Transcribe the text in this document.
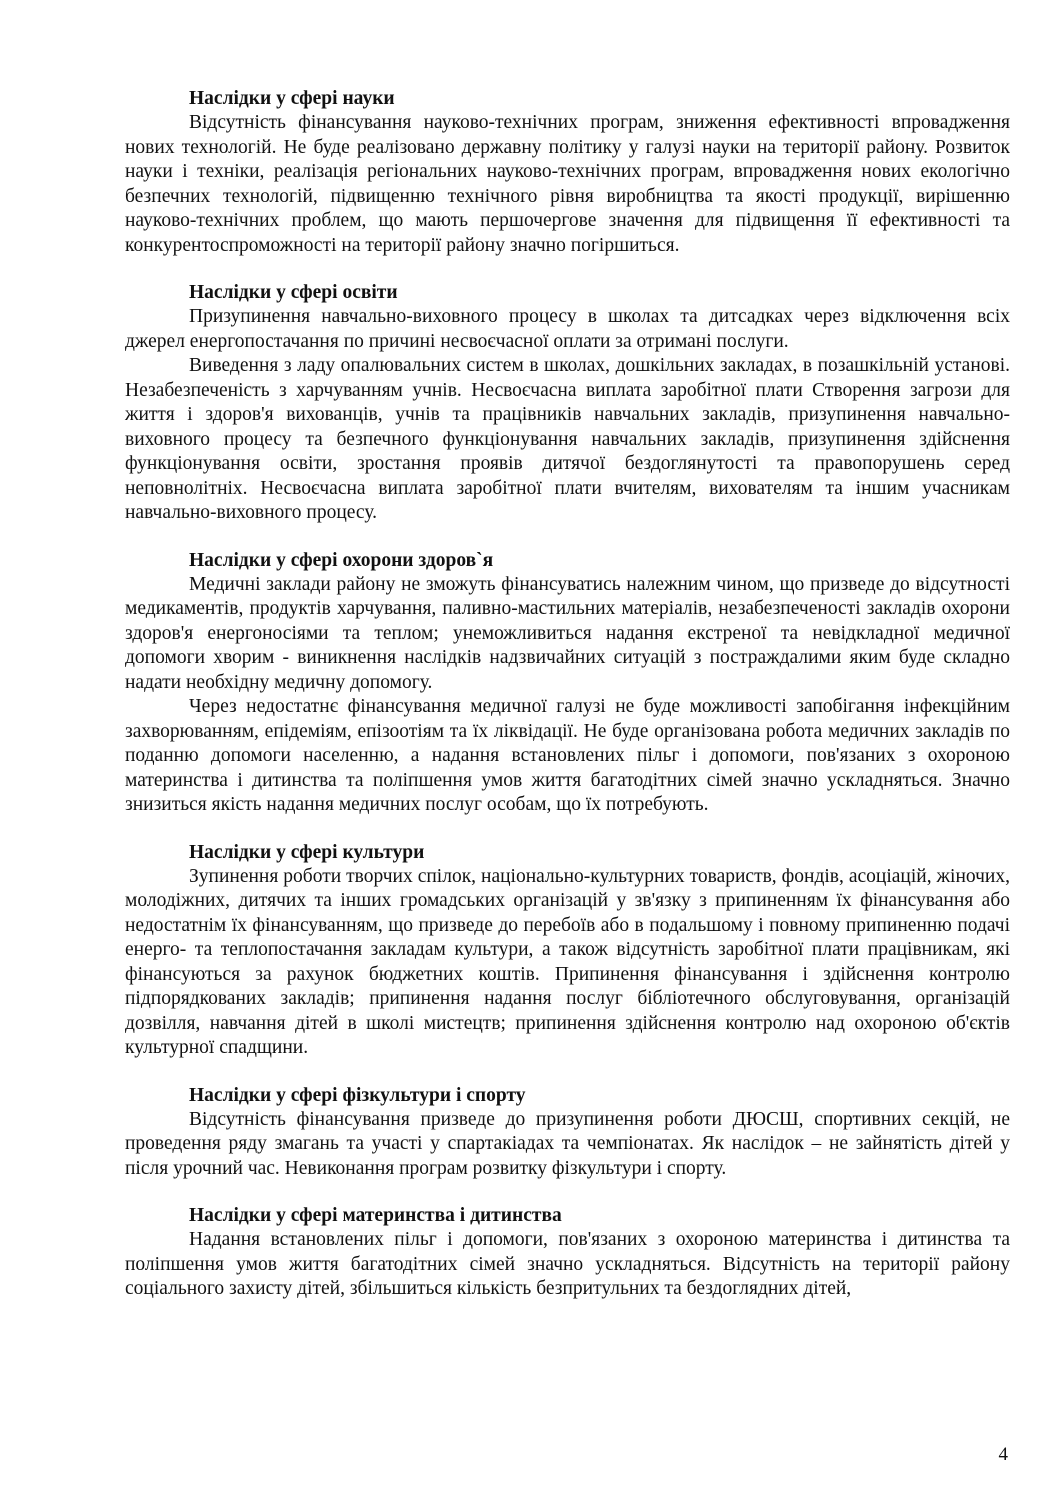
Наслідки у сфері науки

Відсутність фінансування науково-технічних програм, зниження ефективності впровадження нових технологій. Не буде реалізовано державну політику у галузі науки на території району. Розвиток науки і техніки, реалізація регіональних науково-технічних програм, впровадження нових екологічно безпечних технологій, підвищенню технічного рівня виробництва та якості продукції, вирішенню науково-технічних проблем, що мають першочергове значення для підвищення її ефективності та конкурентоспроможності на території району значно погіршиться.

Наслідки у сфері освіти

Призупинення навчально-виховного процесу в школах та дитсадках через відключення всіх джерел енергопостачання по причині несвоєчасної оплати за отримані послуги.

Виведення з ладу опалювальних систем в школах, дошкільних закладах, в позашкільній установі. Незабезпеченість з харчуванням учнів. Несвоєчасна виплата заробітної плати Створення загрози для життя і здоров'я вихованців, учнів та працівників навчальних закладів, призупинення навчально-виховного процесу та безпечного функціонування навчальних закладів, призупинення здійснення функціонування освіти, зростання проявів дитячої бездоглянутості та правопорушень серед неповнолітніх. Несвоєчасна виплата заробітної плати вчителям, вихователям та іншим учасникам навчально-виховного процесу.

Наслідки у сфері охорони здоров`я

Медичні заклади району не зможуть фінансуватись належним чином, що призведе до відсутності медикаментів, продуктів харчування, паливно-мастильних матеріалів, незабезпеченості закладів охорони здоров'я енергоносіями та теплом; унеможливиться надання екстреної та невідкладної медичної допомоги хворим - виникнення наслідків надзвичайних ситуацій з постраждалими яким буде складно надати необхідну медичну допомогу.

Через недостатнє фінансування медичної галузі не буде можливості запобігання інфекційним захворюванням, епідеміям, епізоотіям та їх ліквідації. Не буде організована робота медичних закладів по поданню допомоги населенню, а надання встановлених пільг і допомоги, пов'язаних з охороною материнства і дитинства та поліпшення умов життя багатодітних сімей значно ускладняться. Значно знизиться якість надання медичних послуг особам, що їх потребують.

Наслідки у сфері культури

Зупинення роботи творчих спілок, національно-культурних товариств, фондів, асоціацій, жіночих, молодіжних, дитячих та інших громадських організацій у зв'язку з припиненням їх фінансування або недостатнім їх фінансуванням, що призведе до перебоїв або в подальшому і повному припиненню подачі енерго- та теплопостачання закладам культури, а також відсутність заробітної плати працівникам, які фінансуються за рахунок бюджетних коштів. Припинення фінансування і здійснення контролю підпорядкованих закладів; припинення надання послуг бібліотечного обслуговування, організацій дозвілля, навчання дітей в школі мистецтв; припинення здійснення контролю над охороною об'єктів культурної спадщини.

Наслідки у сфері фізкультури і спорту

Відсутність фінансування призведе до призупинення роботи ДЮСШ, спортивних секцій, не проведення ряду змагань та участі у спартакіадах та чемпіонатах. Як наслідок – не зайнятість дітей у після урочний час. Невиконання програм розвитку фізкультури і спорту.

Наслідки у сфері материнства і дитинства

Надання встановлених пільг і допомоги, пов'язаних з охороною материнства і дитинства та поліпшення умов життя багатодітних сімей значно ускладняться. Відсутність на території району соціального захисту дітей, збільшиться кількість безпритульних та бездоглядних дітей,

4
